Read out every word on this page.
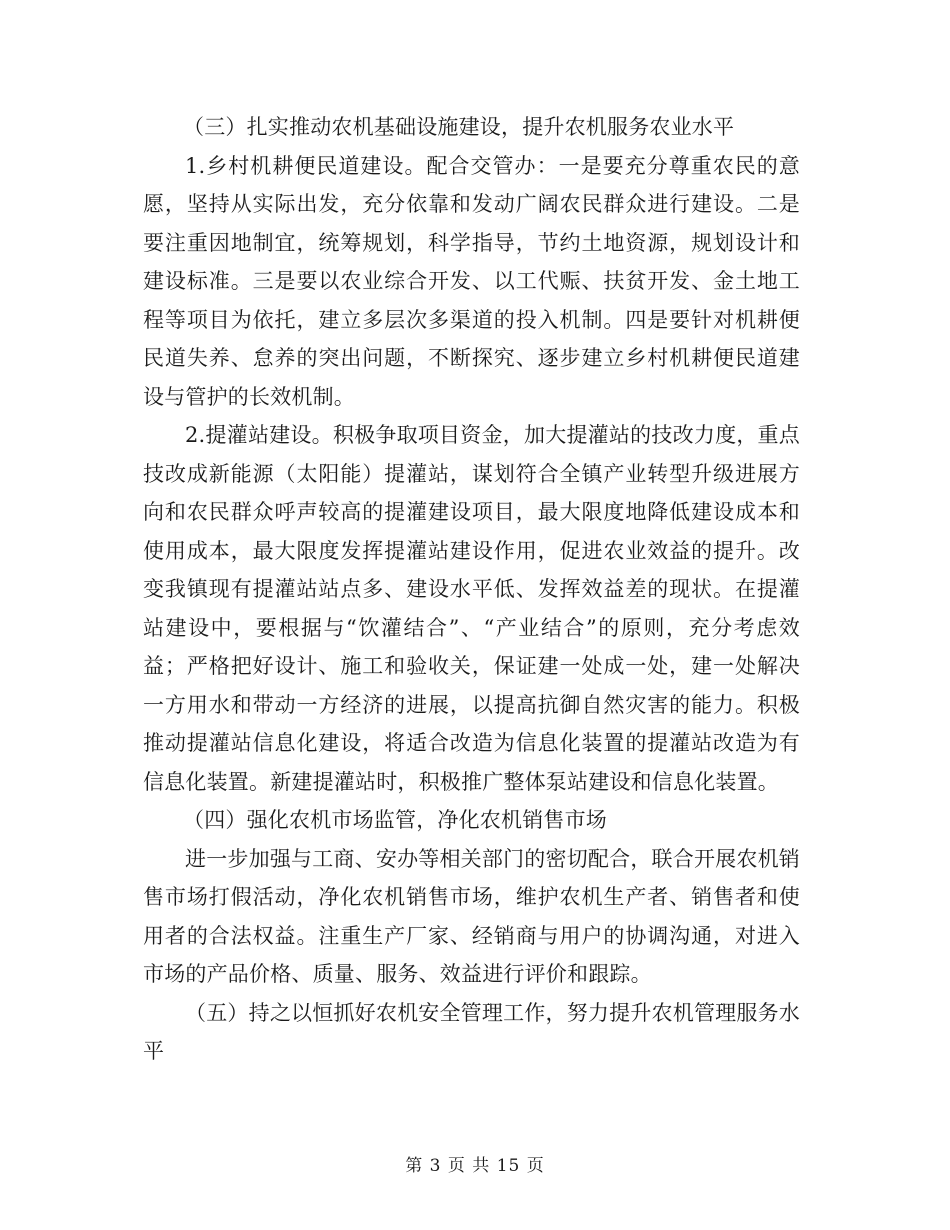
（三）扎实推动农机基础设施建设，提升农机服务农业水平

1.乡村机耕便民道建设。配合交管办：一是要充分尊重农民的意愿，坚持从实际出发，充分依靠和发动广阔农民群众进行建设。二是要注重因地制宜，统筹规划，科学指导，节约土地资源，规划设计和建设标准。三是要以农业综合开发、以工代赈、扶贫开发、金土地工程等项目为依托，建立多层次多渠道的投入机制。四是要针对机耕便民道失养、怠养的突出问题，不断探究、逐步建立乡村机耕便民道建设与管护的长效机制。

2.提灌站建设。积极争取项目资金，加大提灌站的技改力度，重点技改成新能源（太阳能）提灌站，谋划符合全镇产业转型升级进展方向和农民群众呼声较高的提灌建设项目，最大限度地降低建设成本和使用成本，最大限度发挥提灌站建设作用，促进农业效益的提升。改变我镇现有提灌站站点多、建设水平低、发挥效益差的现状。在提灌站建设中，要根据与“饮灌结合”、“产业结合”的原则，充分考虑效益；严格把好设计、施工和验收关，保证建一处成一处，建一处解决一方用水和带动一方经济的进展，以提高抗御自然灾害的能力。积极推动提灌站信息化建设，将适合改造为信息化装置的提灌站改造为有信息化装置。新建提灌站时，积极推广整体泵站建设和信息化装置。

（四）强化农机市场监管，净化农机销售市场

进一步加强与工商、安办等相关部门的密切配合，联合开展农机销售市场打假活动，净化农机销售市场，维护农机生产者、销售者和使用者的合法权益。注重生产厂家、经销商与用户的协调沟通，对进入市场的产品价格、质量、服务、效益进行评价和跟踪。

（五）持之以恒抓好农机安全管理工作，努力提升农机管理服务水平

第 3 页 共 15 页
